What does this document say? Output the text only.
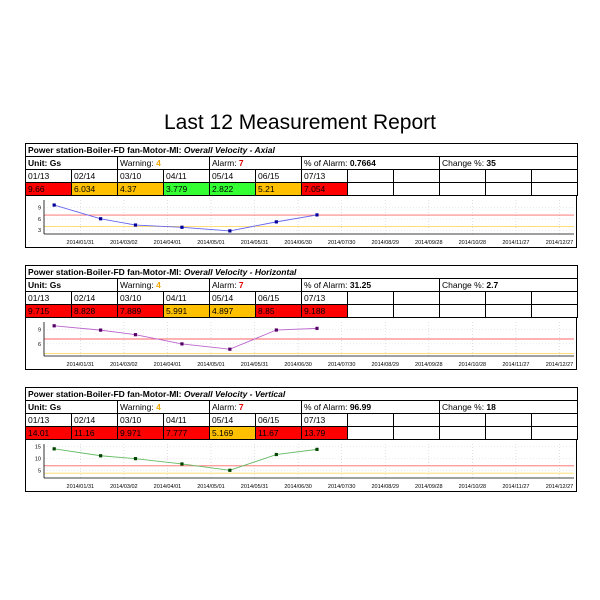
Last 12 Measurement Report
Power station-Boiler-FD fan-Motor-MI: Overall Velocity - Axial											
Unit: Gs		Warning: 4		Alarm: 7		% of Alarm: 0.7664			Change %: 35		
01/13	02/14	03/10	04/11	05/14	06/15	07/13					
9.66	6.034	4.37	3.779	2.822	5.21	7.054					
3
6
9
2014/01/31	2014/03/02	2014/04/01	2014/05/01	2014/05/31	2014/06/30	2014/07/30	2014/08/29	2014/09/28	2014/10/28	2014/11/27	2014/12/27
Power station-Boiler-FD fan-Motor-MI: Overall Velocity - Horizontal											
Unit: Gs		Warning: 4		Alarm: 7		% of Alarm: 31.25			Change %: 2.7		
01/13	02/14	03/10	04/11	05/14	06/15	07/13					
9.715	8.828	7.889	5.991	4.897	8.85	9.188					
6
9
2014/01/31	2014/03/02	2014/04/01	2014/05/01	2014/05/31	2014/06/30	2014/07/30	2014/08/29	2014/09/28	2014/10/28	2014/11/27	2014/12/27
Power station-Boiler-FD fan-Motor-MI: Overall Velocity - Vertical											
Unit: Gs		Warning: 4		Alarm: 7		% of Alarm: 96.99			Change %: 18		
01/13	02/14	03/10	04/11	05/14	06/15	07/13					
14.01	11.16	9.971	7.777	5.169	11.67	13.79					
5
10
15
2014/01/31	2014/03/02	2014/04/01	2014/05/01	2014/05/31	2014/06/30	2014/07/30	2014/08/29	2014/09/28	2014/10/28	2014/11/27	2014/12/27
